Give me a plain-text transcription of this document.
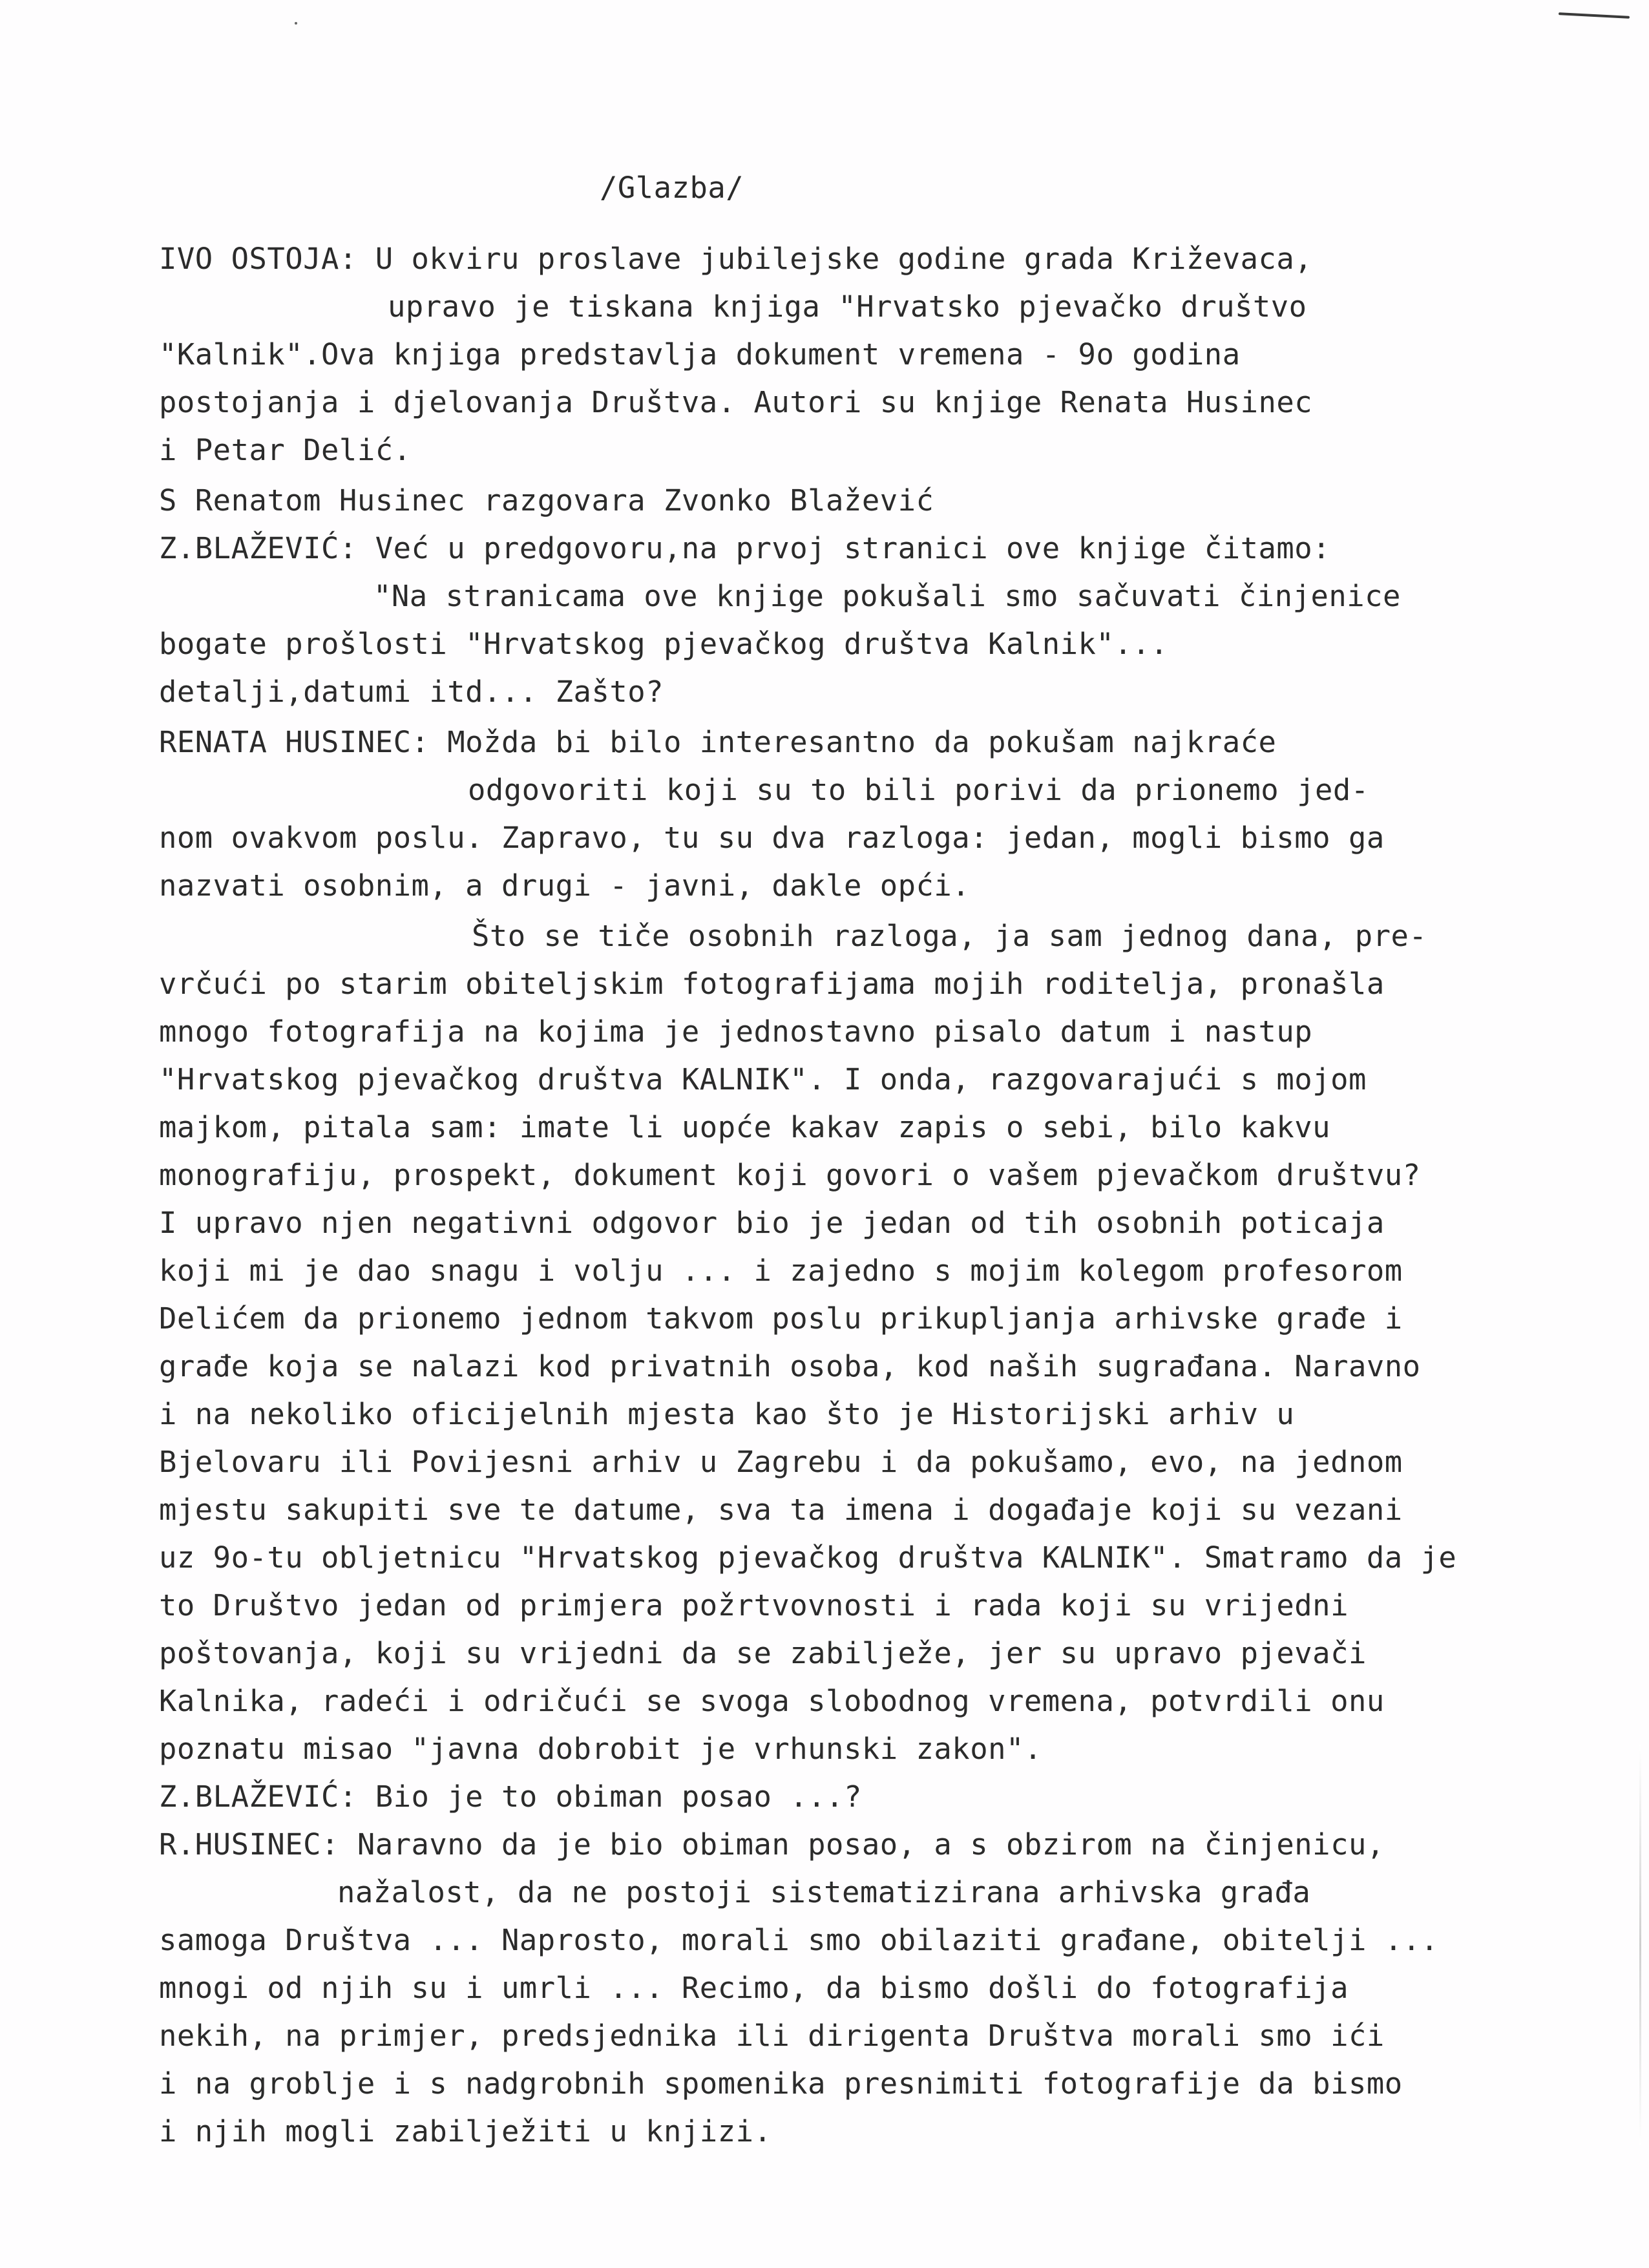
/Glazba/
IVO OSTOJA: U okviru proslave jubilejske godine grada Križevaca,
upravo je tiskana knjiga "Hrvatsko pjevačko društvo
"Kalnik".Ova knjiga predstavlja dokument vremena - 9o godina
postojanja i djelovanja Društva. Autori su knjige Renata Husinec
i Petar Delić.
S Renatom Husinec razgovara Zvonko Blažević
Z.BLAŽEVIĆ: Već u predgovoru,na prvoj stranici ove knjige čitamo:
"Na stranicama ove knjige pokušali smo sačuvati činjenice
bogate prošlosti "Hrvatskog pjevačkog društva Kalnik"...
detalji,datumi itd... Zašto?
RENATA HUSINEC: Možda bi bilo interesantno da pokušam najkraće
odgovoriti koji su to bili porivi da prionemo jed-
nom ovakvom poslu. Zapravo, tu su dva razloga: jedan, mogli bismo ga
nazvati osobnim, a drugi - javni, dakle opći.
Što se tiče osobnih razloga, ja sam jednog dana, pre-
vrčući po starim obiteljskim fotografijama mojih roditelja, pronašla
mnogo fotografija na kojima je jednostavno pisalo datum i nastup
"Hrvatskog pjevačkog društva KALNIK". I onda, razgovarajući s mojom
majkom, pitala sam: imate li uopće kakav zapis o sebi, bilo kakvu
monografiju, prospekt, dokument koji govori o vašem pjevačkom društvu?
I upravo njen negativni odgovor bio je jedan od tih osobnih poticaja
koji mi je dao snagu i volju ... i zajedno s mojim kolegom profesorom
Delićem da prionemo jednom takvom poslu prikupljanja arhivske građe i
građe koja se nalazi kod privatnih osoba, kod naših sugrađana. Naravno
i na nekoliko oficijelnih mjesta kao što je Historijski arhiv u
Bjelovaru ili Povijesni arhiv u Zagrebu i da pokušamo, evo, na jednom
mjestu sakupiti sve te datume, sva ta imena i događaje koji su vezani
uz 9o-tu obljetnicu "Hrvatskog pjevačkog društva KALNIK". Smatramo da je
to Društvo jedan od primjera požrtvovnosti i rada koji su vrijedni
poštovanja, koji su vrijedni da se zabilježe, jer su upravo pjevači
Kalnika, radeći i odričući se svoga slobodnog vremena, potvrdili onu
poznatu misao "javna dobrobit je vrhunski zakon".
Z.BLAŽEVIĆ: Bio je to obiman posao ...?
R.HUSINEC: Naravno da je bio obiman posao, a s obzirom na činjenicu,
nažalost, da ne postoji sistematizirana arhivska građa
samoga Društva ... Naprosto, morali smo obilaziti građane, obitelji ...
mnogi od njih su i umrli ... Recimo, da bismo došli do fotografija
nekih, na primjer, predsjednika ili dirigenta Društva morali smo ići
i na groblje i s nadgrobnih spomenika presnimiti fotografije da bismo
i njih mogli zabilježiti u knjizi.
